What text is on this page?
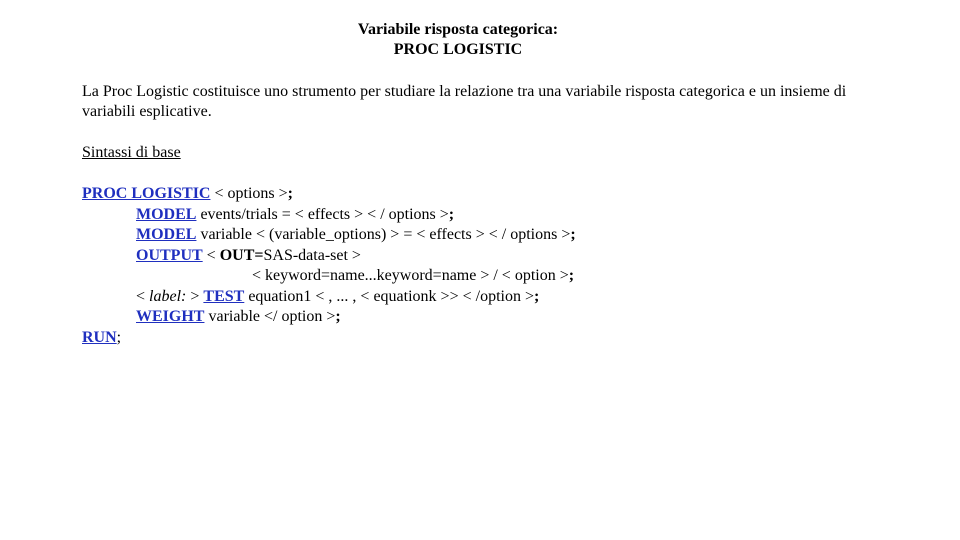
Variabile risposta categorica:
PROC LOGISTIC
La Proc Logistic costituisce uno strumento per studiare la relazione tra una variabile risposta categorica e un insieme di variabili esplicative.
Sintassi di base
PROC LOGISTIC < options >;
MODEL events/trials = < effects > < / options >;
MODEL variable < (variable_options) > = < effects > < / options >;
OUTPUT < OUT=SAS-data-set >
< keyword=name...keyword=name > / < option >;
< label: > TEST equation1 < , ... , < equationk >> < /option >;
WEIGHT variable </ option >;
RUN;
